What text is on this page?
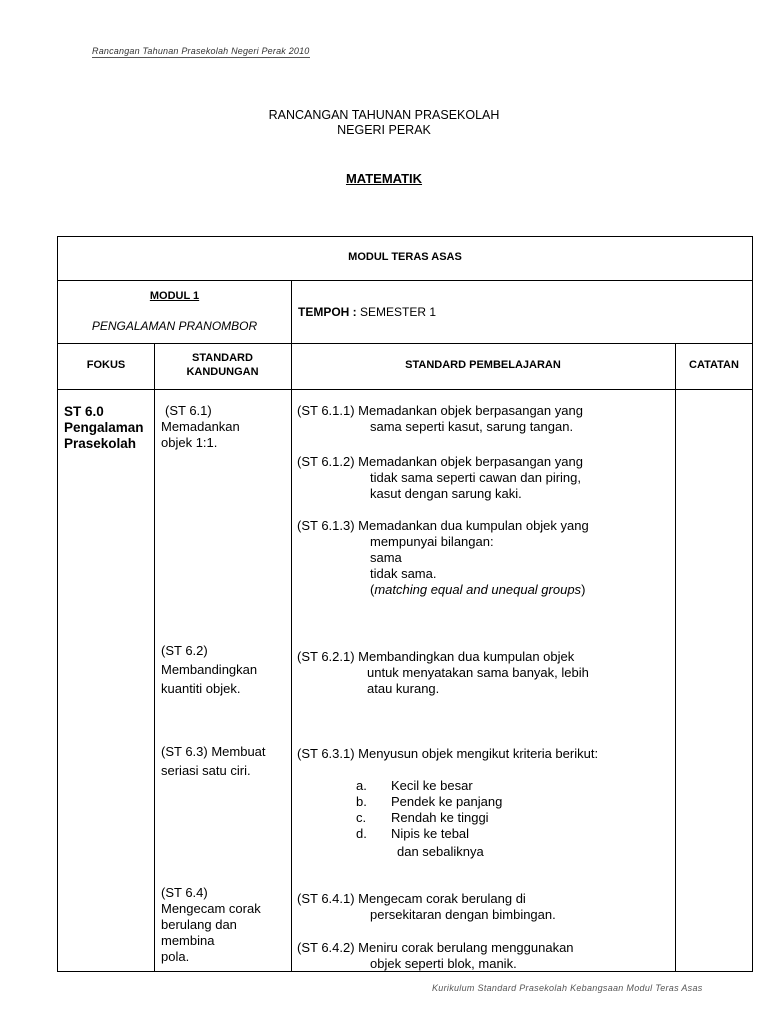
Rancangan Tahunan Prasekolah Negeri Perak 2010
RANCANGAN TAHUNAN PRASEKOLAH
NEGERI PERAK
MATEMATIK
MODUL TERAS ASAS
MODUL 1
PENGALAMAN PRANOMBOR
TEMPOH : SEMESTER 1
FOKUS
STANDARD
KANDUNGAN
STANDARD PEMBELAJARAN	CATATAN
ST 6.0
Pengalaman
Prasekolah
(ST 6.1)
Memadankan
objek 1:1.
(ST 6.2)
Membandingkan
kuantiti objek.
(ST 6.3) Membuat
seriasi satu ciri.
(ST 6.4)
Mengecam corak
berulang dan
membina
pola.
(ST 6.1.1) Memadankan objek berpasangan yang
sama seperti kasut, sarung tangan.
(ST 6.1.2) Memadankan objek berpasangan yang
tidak sama seperti cawan dan piring,
kasut dengan sarung kaki.
(ST 6.1.3) Memadankan dua kumpulan objek yang
mempunyai bilangan:
sama
tidak sama.
(matching equal and unequal groups)
(ST 6.2.1) Membandingkan dua kumpulan objek
untuk menyatakan sama banyak, lebih
atau kurang.
(ST 6.3.1) Menyusun objek mengikut kriteria berikut:
a. Kecil ke besar
b. Pendek ke panjang
c. Rendah ke tinggi
d. Nipis ke tebal
dan sebaliknya
(ST 6.4.1) Mengecam corak berulang di
persekitaran dengan bimbingan.
(ST 6.4.2) Meniru corak berulang menggunakan
objek seperti blok, manik.
Kurikulum Standard Prasekolah Kebangsaan Modul Teras Asas
